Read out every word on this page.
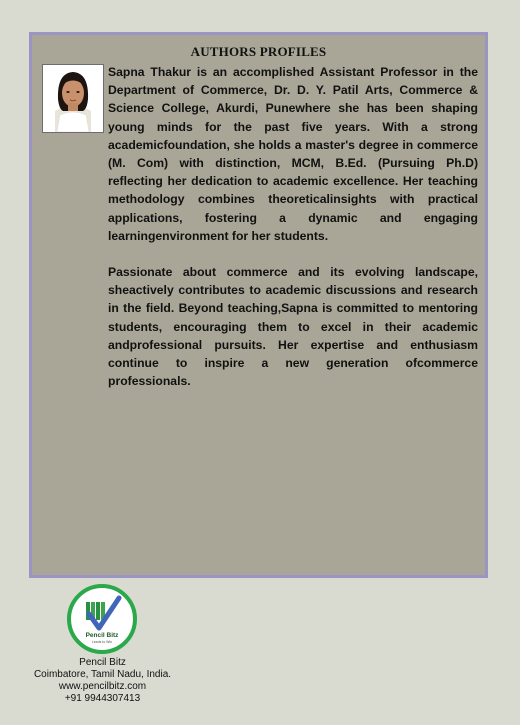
AUTHORS PROFILES
Sapna Thakur is an accomplished Assistant Professor in the Department of Commerce, Dr. D. Y. Patil Arts, Commerce & Science College, Akurdi, Punewhere she has been shaping young minds for the past five years. With a strong academicfoundation, she holds a master's degree in commerce (M. Com) with distinction, MCM, B.Ed. (Pursuing Ph.D) reflecting her dedication to academic excellence. Her teaching methodology combines theoreticalinsights with practical applications, fostering a dynamic and engaging learningenvironment for her students.
Passionate about commerce and its evolving landscape, sheactively contributes to academic discussions and research in the field. Beyond teaching,Sapna is committed to mentoring students, encouraging them to excel in their academic andprofessional pursuits. Her expertise and enthusiasm continue to inspire a new generation ofcommerce professionals.
Pencil Bitz
Leads to Win
Pencil Bitz
Coimbatore, Tamil Nadu, India.
www.pencilbitz.com
+91 9944307413
